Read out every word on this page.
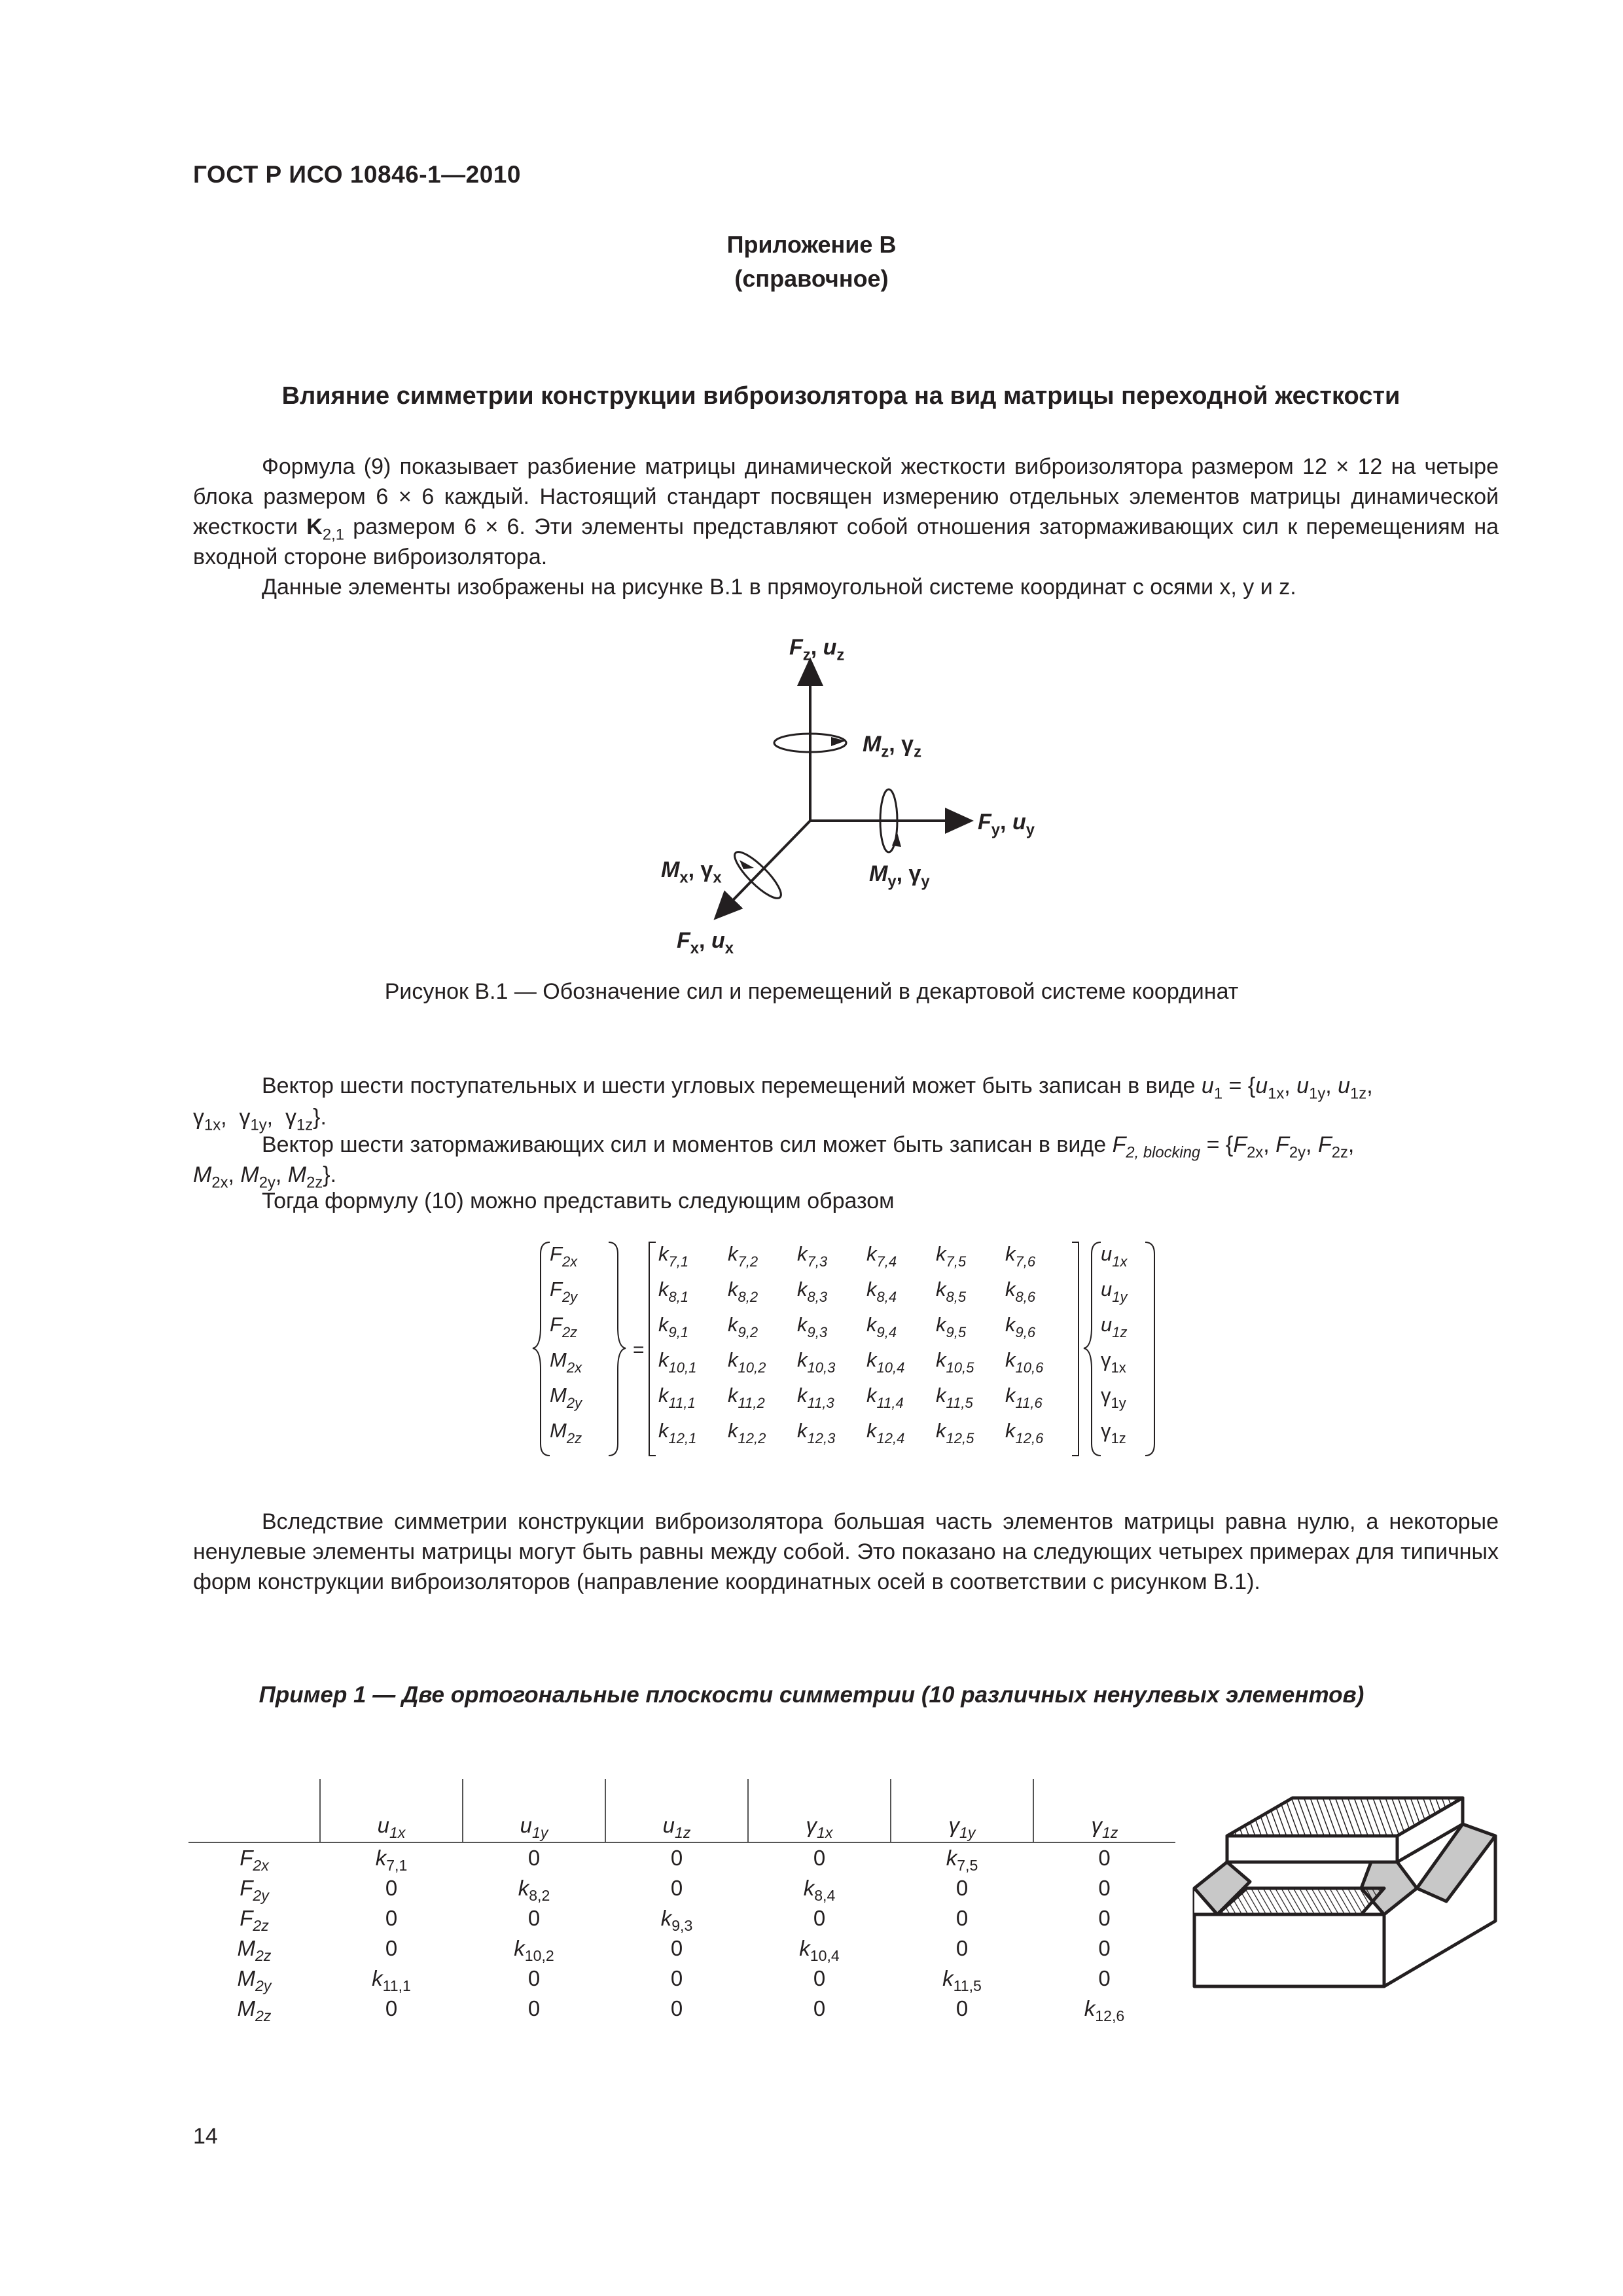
ГОСТ Р ИСО 10846-1—2010
Приложение В
(справочное)
Влияние симметрии конструкции виброизолятора на вид матрицы переходной жесткости

Формула (9) показывает разбиение матрицы динамической жесткости виброизолятора размером 12 × 12 на четыре блока размером 6 × 6 каждый. Настоящий стандарт посвящен измерению отдельных элементов матрицы динамической жесткости $K_{2,1}$ размером 6 × 6. Эти элементы представляют собой отношения затормаживающих сил к перемещениям на входной стороне виброизолятора.

Данные элементы изображены на рисунке В.1 в прямоугольной системе координат с осями x, y и z.

$F_z$, $u_z$
$M_z$, $\gamma_z$
$F_y$, $u_y$
$M_y$, $\gamma_y$
$M_x$, $\gamma_x$
$F_x$, $u_x$
Рисунок В.1 — Обозначение сил и перемещений в декартовой системе координат
Вектор шести поступательных и шести угловых перемещений может быть записан в виде $u_1 = \{u_{1x}$, $u_{1y}$, $u_{1z}$,
$\gamma_{1x}$,  $\gamma_{1y}$,  $\gamma_{1z}$}.
Вектор шести затормаживающих сил и моментов сил может быть записан в виде $F_{2, blocking} = \{F_{2x}$, $F_{2y}$, $F_{2z}$,
$M_{2x}$, $M_{2y}$, $M_{2z}$}.
Тогда формулу (10) можно представить следующим образом
=
$F_{2x}$
$F_{2y}$
$F_{2z}$
$M_{2x}$
$M_{2y}$
$M_{2z}$
$k_{7,1}$ $k_{7,2}$ $k_{7,3}$ $k_{7,4}$ $k_{7,5}$ $k_{7,6}$
$k_{8,1}$ $k_{8,2}$ $k_{8,3}$ $k_{8,4}$ $k_{8,5}$ $k_{8,6}$
$k_{9,1}$ $k_{9,2}$ $k_{9,3}$ $k_{9,4}$ $k_{9,5}$ $k_{9,6}$
$k_{10,1}$ $k_{10,2}$ $k_{10,3}$ $k_{10,4}$ $k_{10,5}$ $k_{10,6}$
$k_{11,1}$ $k_{11,2}$ $k_{11,3}$ $k_{11,4}$ $k_{11,5}$ $k_{11,6}$
$k_{12,1}$ $k_{12,2}$ $k_{12,3}$ $k_{12,4}$ $k_{12,5}$ $k_{12,6}$
$u_{1x}$
$u_{1y}$
$u_{1z}$
$\gamma_{1x}$
$\gamma_{1y}$
$\gamma_{1z}$

Вследствие симметрии конструкции виброизолятора большая часть элементов матрицы равна нулю, а некоторые ненулевые элементы матрицы могут быть равны между собой. Это показано на следующих четырех примерах для типичных форм конструкции виброизоляторов (направление координатных осей в соответствии с рисунком В.1).

Пример 1 — Две ортогональные плоскости симметрии (10 различных ненулевых элементов)
	$u_{1x}$	$u_{1y}$	$u_{1z}$	$\gamma_{1x}$	$\gamma_{1y}$	$\gamma_{1z}$
$F_{2x}$	$k_{7,1}$	0	0	0	$k_{7,5}$	0
$F_{2y}$	0	$k_{8,2}$	0	$k_{8,4}$	0	0
$F_{2z}$	0	0	$k_{9,3}$	0	0	0
$M_{2z}$	0	$k_{10,2}$	0	$k_{10,4}$	0	0
$M_{2y}$	$k_{11,1}$	0	0	0	$k_{11,5}$	0
$M_{2z}$	0	0	0	0	0	$k_{12,6}$
14
